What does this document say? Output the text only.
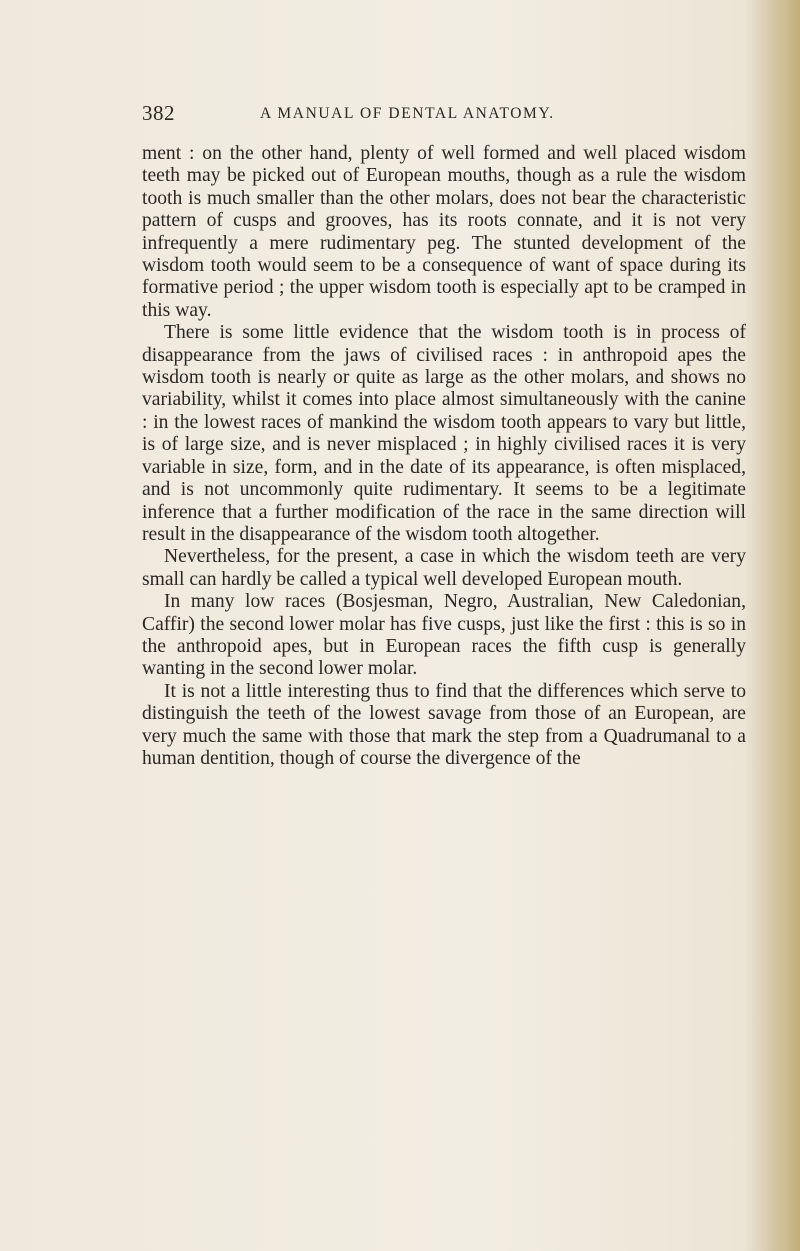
382	A MANUAL OF DENTAL ANATOMY.

ment : on the other hand, plenty of well formed and well placed wisdom teeth may be picked out of European mouths, though as a rule the wisdom tooth is much smaller than the other molars, does not bear the characteristic pattern of cusps and grooves, has its roots connate, and it is not very infrequently a mere rudimentary peg. The stunted development of the wisdom tooth would seem to be a consequence of want of space during its formative period ; the upper wisdom tooth is especially apt to be cramped in this way.

There is some little evidence that the wisdom tooth is in process of disappearance from the jaws of civilised races : in anthropoid apes the wisdom tooth is nearly or quite as large as the other molars, and shows no variability, whilst it comes into place almost simultaneously with the canine : in the lowest races of mankind the wisdom tooth appears to vary but little, is of large size, and is never misplaced ; in highly civilised races it is very variable in size, form, and in the date of its appearance, is often misplaced, and is not uncommonly quite rudimentary. It seems to be a legitimate inference that a further modification of the race in the same direction will result in the disappearance of the wisdom tooth altogether.

Nevertheless, for the present, a case in which the wisdom teeth are very small can hardly be called a typical well developed European mouth.

In many low races (Bosjesman, Negro, Australian, New Caledonian, Caffir) the second lower molar has five cusps, just like the first : this is so in the anthropoid apes, but in European races the fifth cusp is generally wanting in the second lower molar.

It is not a little interesting thus to find that the differences which serve to distinguish the teeth of the lowest savage from those of an European, are very much the same with those that mark the step from a Quadrumanal to a human dentition, though of course the divergence of the
